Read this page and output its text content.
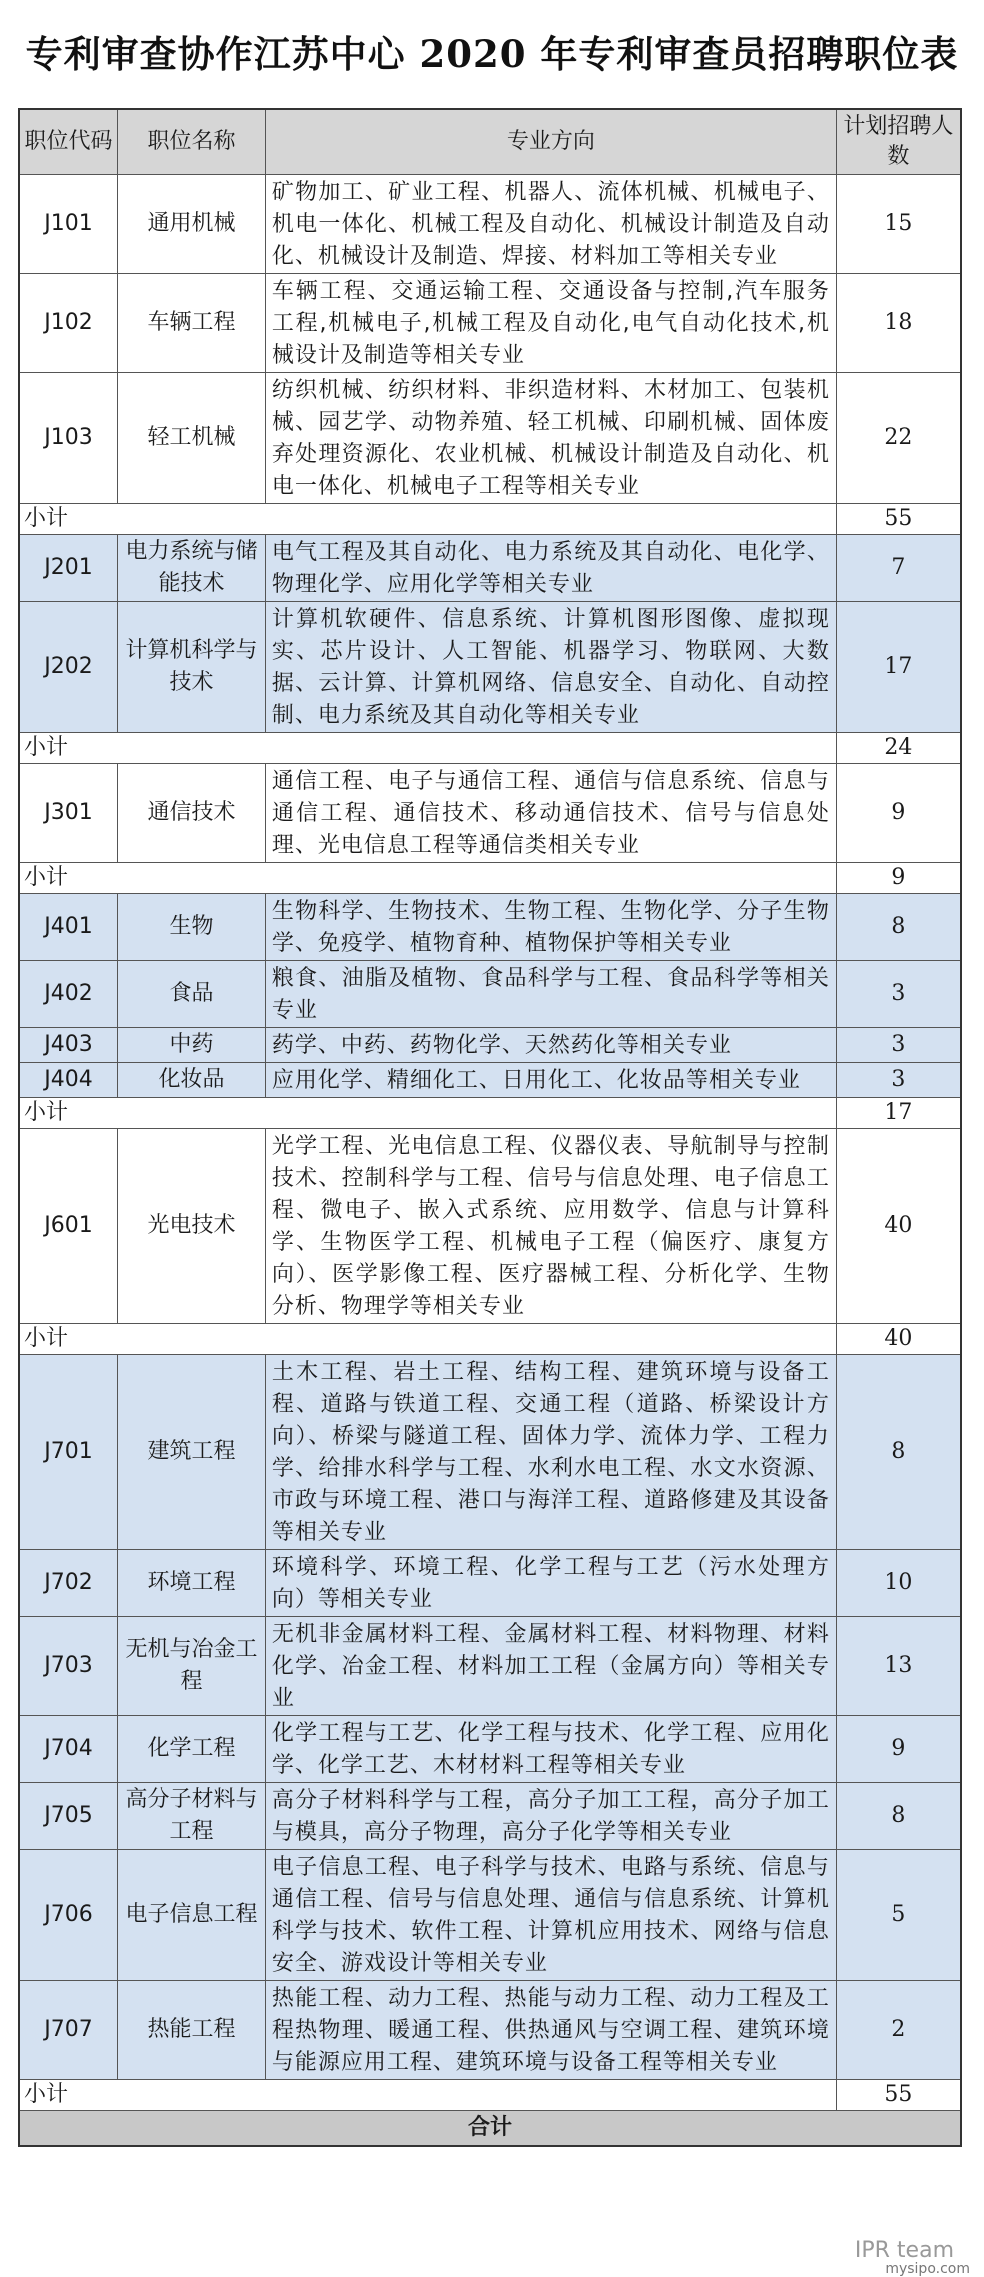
专利审查协作江苏中心 2020 年专利审查员招聘职位表
职位代码	职位名称	专业方向	计划招聘人数
J101	通用机械	矿物加工、矿业工程、机器人、流体机械、机械电子、机电一体化、机械工程及自动化、机械设计制造及自动化、机械设计及制造、焊接、材料加工等相关专业	15
J102	车辆工程	车辆工程、交通运输工程、交通设备与控制,汽车服务工程,机械电子,机械工程及自动化,电气自动化技术,机械设计及制造等相关专业	18
J103	轻工机械	纺织机械、纺织材料、非织造材料、木材加工、包装机械、园艺学、动物养殖、轻工机械、印刷机械、固体废弃处理资源化、农业机械、机械设计制造及自动化、机电一体化、机械电子工程等相关专业	22
小计			55
J201	电力系统与储能技术	电气工程及其自动化、电力系统及其自动化、电化学、物理化学、应用化学等相关专业	7
J202	计算机科学与技术	计算机软硬件、信息系统、计算机图形图像、虚拟现实、芯片设计、人工智能、机器学习、物联网、大数据、云计算、计算机网络、信息安全、自动化、自动控制、电力系统及其自动化等相关专业	17
小计			24
J301	通信技术	通信工程、电子与通信工程、通信与信息系统、信息与通信工程、通信技术、移动通信技术、信号与信息处理、光电信息工程等通信类相关专业	9
小计			9
J401	生物	生物科学、生物技术、生物工程、生物化学、分子生物学、免疫学、植物育种、植物保护等相关专业	8
J402	食品	粮食、油脂及植物、食品科学与工程、食品科学等相关专业	3
J403	中药	药学、中药、药物化学、天然药化等相关专业	3
J404	化妆品	应用化学、精细化工、日用化工、化妆品等相关专业	3
小计			17
J601	光电技术	光学工程、光电信息工程、仪器仪表、导航制导与控制技术、控制科学与工程、信号与信息处理、电子信息工程、微电子、嵌入式系统、应用数学、信息与计算科学、生物医学工程、机械电子工程（偏医疗、康复方向）、医学影像工程、医疗器械工程、分析化学、生物分析、物理学等相关专业	40
小计			40
J701	建筑工程	土木工程、岩土工程、结构工程、建筑环境与设备工程、道路与铁道工程、交通工程（道路、桥梁设计方向）、桥梁与隧道工程、固体力学、流体力学、工程力学、给排水科学与工程、水利水电工程、水文水资源、市政与环境工程、港口与海洋工程、道路修建及其设备等相关专业	8
J702	环境工程	环境科学、环境工程、化学工程与工艺（污水处理方向）等相关专业	10
J703	无机与冶金工程	无机非金属材料工程、金属材料工程、材料物理、材料化学、冶金工程、材料加工工程（金属方向）等相关专业	13
J704	化学工程	化学工程与工艺、化学工程与技术、化学工程、应用化学、化学工艺、木材材料工程等相关专业	9
J705	高分子材料与工程	高分子材料科学与工程，高分子加工工程，高分子加工与模具，高分子物理，高分子化学等相关专业	8
J706	电子信息工程	电子信息工程、电子科学与技术、电路与系统、信息与通信工程、信号与信息处理、通信与信息系统、计算机科学与技术、软件工程、计算机应用技术、网络与信息安全、游戏设计等相关专业	5
J707	热能工程	热能工程、动力工程、热能与动力工程、动力工程及工程热物理、暖通工程、供热通风与空调工程、建筑环境与能源应用工程、建筑环境与设备工程等相关专业	2
小计			55
合计			
IPR team
mysipo.com
